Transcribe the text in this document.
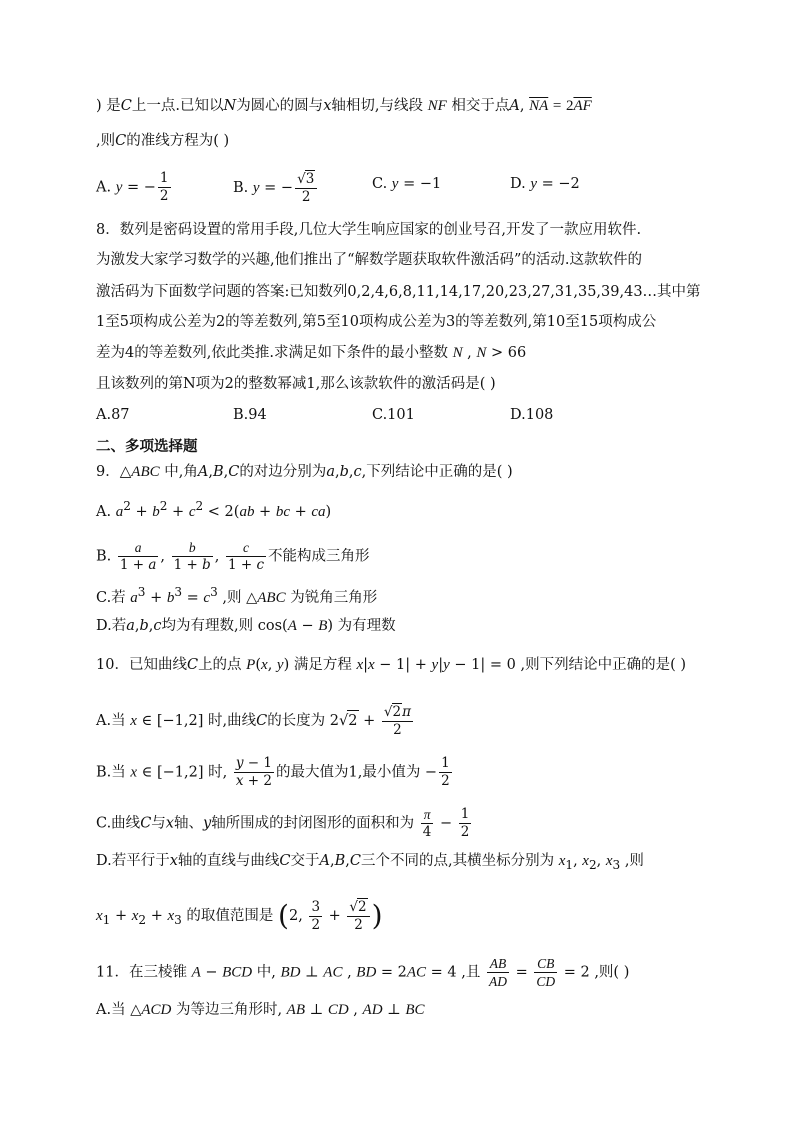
) 是C上一点.已知以N为圆心的圆与x轴相切,与线段 NF 相交于点A, $\overline{NA} = 2\overline{AF}$
,则C的准线方程为( )
A. y = − $\frac{1}{2}$	B. y = − $\frac{√3}{2}$	C. y = −1	D. y = −2
8．数列是密码设置的常用手段,几位大学生响应国家的创业号召,开发了一款应用软件.
为激发大家学习数学的兴趣,他们推出了“解数学题获取软件激活码”的活动.这款软件的
激活码为下面数学问题的答案:已知数列0,2,4,6,8,11,14,17,20,23,27,31,35,39,43…其中第
1至5项构成公差为2的等差数列,第5至10项构成公差为3的等差数列,第10至15项构成公
差为4的等差数列,依此类推.求满足如下条件的最小整数 N , N > 66
且该数列的第N项为2的整数幂减1,那么该款软件的激活码是( )
A.87	B.94	C.101	D.108
二、多项选择题
9．△ABC 中,角A,B,C的对边分别为a,b,c,下列结论中正确的是( )
A. $a^2 + b^2 + c^2 < 2(ab$ + bc + ca)
B. $\frac{a}{1 + a}$ , $\frac{b}{1 + b}$ , $\frac{c}{1 + c}$ 不能构成三角形
C.若 $a^3 + b^3 = c^3$ ,则 △ABC 为锐角三角形
D.若a,b,c均为有理数,则 cos(A − B) 为有理数
10．已知曲线C上的点 P(x, y) 满足方程 x|x − 1| + y|y − 1| = 0 ,则下列结论中正确的是( )
A.当 x ∈ [−1,2] 时,曲线C的长度为 $2√2 + \frac{√2\pi}{2}$
B.当 x ∈ [−1,2] 时, $\frac{y - 1}{x + 2}$ 的最大值为1,最小值为 − $\frac{1}{2}$
C.曲线C与x轴、y轴所围成的封闭图形的面积和为 $\frac{\pi}{4} - \frac{1}{2}$
D.若平行于x轴的直线与曲线C交于A,B,C三个不同的点,其横坐标分别为 $x_1$, $x_2$, $x_3$ ,则
$x_1 + x_2 + x_3$ 的取值范围是 (2, $\frac{3}{2} + \frac{√2}{2}$ )
11．在三棱锥 A − BCD 中, BD ⊥ AC , BD = 2AC = 4 ,且 $\frac{AB}{AD} = \frac{CB}{CD} = 2$ ,则( )
A.当 △ACD 为等边三角形时, AB ⊥ CD , AD ⊥ BC
